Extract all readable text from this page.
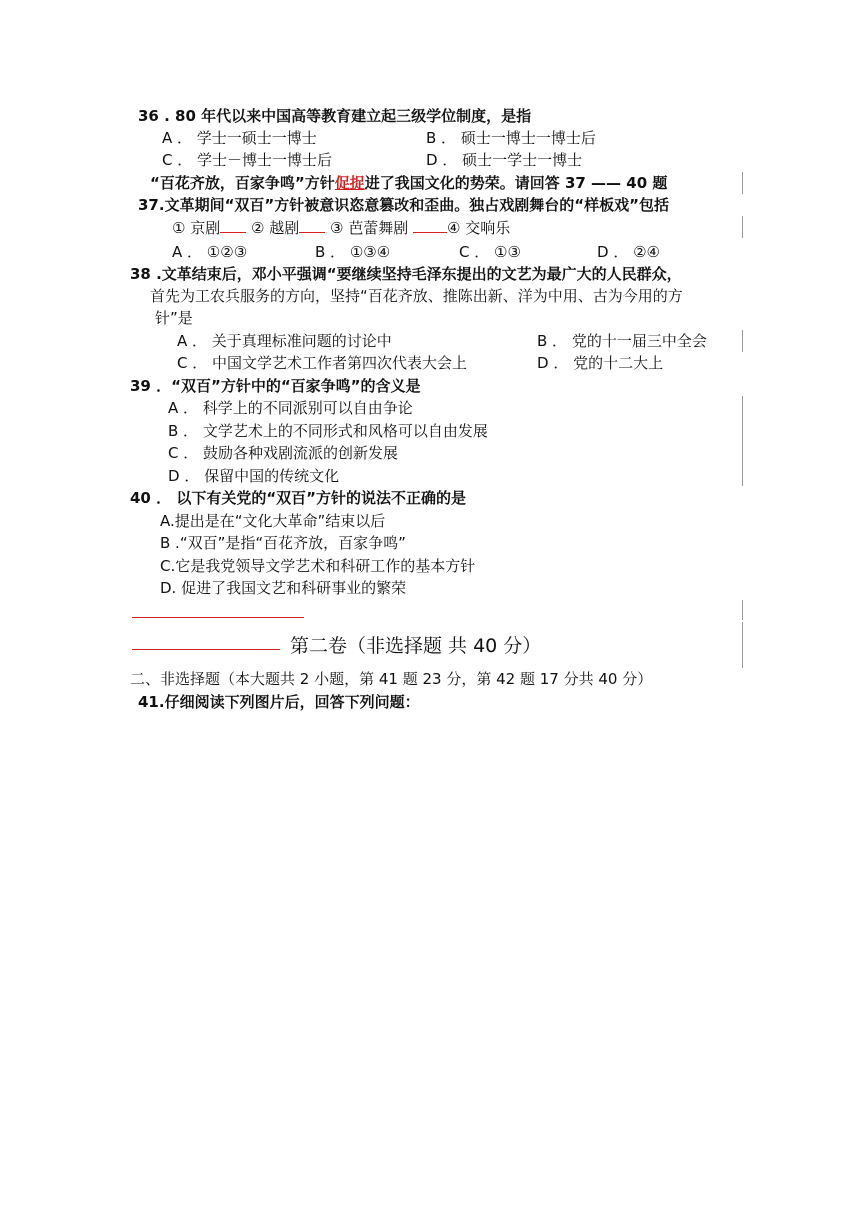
36 . 80 年代以来中国高等教育建立起三级学位制度，是指
A ． 学士一硕士一博士	B ． 硕士一博士一博士后
C ． 学士－博士一博士后	D ． 硕士一学士一博士
“百花齐放，百家争鸣”方针促捉进了我国文化的势荣。请回答 37 —— 40 题
37.文革期间“双百”方针被意识恣意篡改和歪曲。独占戏剧舞台的“样板戏”包括
① 京剧 ② 越剧 ③ 芭蕾舞剧	④ 交响乐
A ． ①②③	B ． ①③④	C ． ①③	D ． ②④
38 .文革结束后，邓小平强调“要继续坚持毛泽东提出的文艺为最广大的人民群众，
首先为工农兵服务的方向，坚持“百花齐放、推陈出新、洋为中用、古为今用的方
针”是
A ． 关于真理标准问题的讨论中	B ． 党的十一届三中全会
C ． 中国文学艺术工作者第四次代表大会上	D ． 党的十二大上
39 ．“双百”方针中的“百家争鸣”的含义是
A ． 科学上的不同派别可以自由争论
B ． 文学艺术上的不同形式和风格可以自由发展
C ． 鼓励各种戏剧流派的创新发展
D ． 保留中国的传统文化
40 ． 以下有关党的“双百”方针的说法不正确的是
A.提出是在“文化大革命”结束以后
B .“双百”是指“百花齐放，百家争鸣”
C.它是我党领导文学艺术和科研工作的基本方针
D. 促进了我国文艺和科研事业的繁荣
第二卷（非选择题 共 40 分）
二、非选择题（本大题共 2 小题，第 41 题 23 分，第 42 题 17 分共 40 分）
41.仔细阅读下列图片后，回答下列问题：
